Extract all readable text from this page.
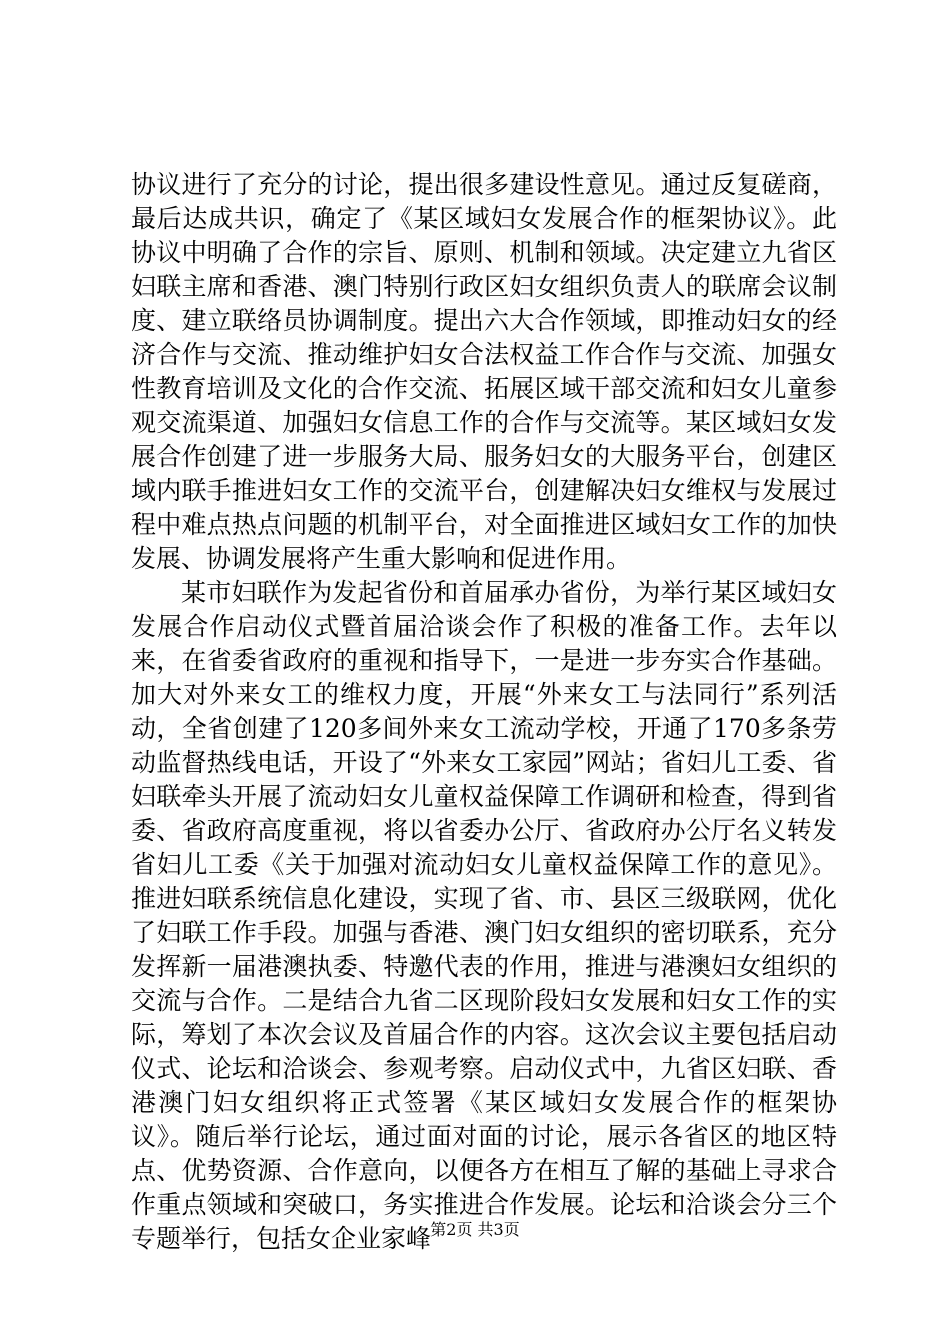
协议进行了充分的讨论，提出很多建设性意见。通过反复磋商，最后达成共识，确定了《某区域妇女发展合作的框架协议》。此协议中明确了合作的宗旨、原则、机制和领域。决定建立九省区妇联主席和香港、澳门特别行政区妇女组织负责人的联席会议制度、建立联络员协调制度。提出六大合作领域，即推动妇女的经济合作与交流、推动维护妇女合法权益工作合作与交流、加强女性教育培训及文化的合作交流、拓展区域干部交流和妇女儿童参观交流渠道、加强妇女信息工作的合作与交流等。某区域妇女发展合作创建了进一步服务大局、服务妇女的大服务平台，创建区域内联手推进妇女工作的交流平台，创建解决妇女维权与发展过程中难点热点问题的机制平台，对全面推进区域妇女工作的加快发展、协调发展将产生重大影响和促进作用。

某市妇联作为发起省份和首届承办省份，为举行某区域妇女发展合作启动仪式暨首届洽谈会作了积极的准备工作。去年以来，在省委省政府的重视和指导下，一是进一步夯实合作基础。加大对外来女工的维权力度，开展“外来女工与法同行”系列活动，全省创建了120多间外来女工流动学校，开通了170多条劳动监督热线电话，开设了“外来女工家园”网站；省妇儿工委、省妇联牵头开展了流动妇女儿童权益保障工作调研和检查，得到省委、省政府高度重视，将以省委办公厅、省政府办公厅名义转发省妇儿工委《关于加强对流动妇女儿童权益保障工作的意见》。推进妇联系统信息化建设，实现了省、市、县区三级联网，优化了妇联工作手段。加强与香港、澳门妇女组织的密切联系，充分发挥新一届港澳执委、特邀代表的作用，推进与港澳妇女组织的交流与合作。二是结合九省二区现阶段妇女发展和妇女工作的实际，筹划了本次会议及首届合作的内容。这次会议主要包括启动仪式、论坛和洽谈会、参观考察。启动仪式中，九省区妇联、香港澳门妇女组织将正式签署《某区域妇女发展合作的框架协议》。随后举行论坛，通过面对面的讨论，展示各省区的地区特点、优势资源、合作意向，以便各方在相互了解的基础上寻求合作重点领域和突破口，务实推进合作发展。论坛和洽谈会分三个专题举行，包括女企业家峰 第2页 共3页
